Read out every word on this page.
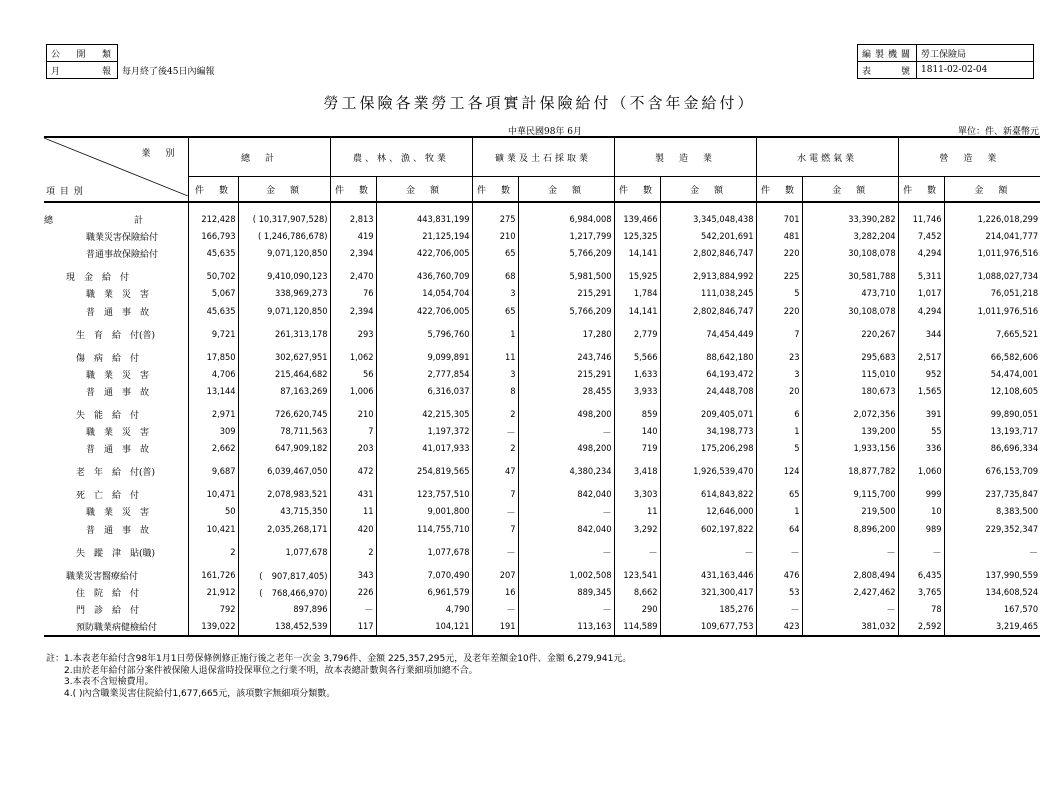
公開類	

月報	每月終了後45日內編報
編製機關	勞工保險局

表號	1811-02-02-04
勞工保險各業勞工各項實計保險給付（不含年金給付）
中華民國98年 6月	單位：件、新臺幣元
業　別
項 目 別	總　計		農、林、漁、牧業		礦業及土石採取業		製　造　業		水電燃氣業		營　造　業	
	件　數	金　額	件　數	金　額	件　數	金　額	件　數	金　額	件　數	金　額	件　數	金　額

總　　　　　　　　　計	212,428	( 10,317,907,528)	2,813	443,831,199	275	6,984,008	139,466	3,345,048,438	701	33,390,282	11,746	1,226,018,299
職業災害保險給付	166,793	( 1,246,786,678)	419	21,125,194	210	1,217,799	125,325	542,201,691	481	3,282,204	7,452	214,041,777
普通事故保險給付	45,635	9,071,120,850	2,394	422,706,005	65	5,766,209	14,141	2,802,846,747	220	30,108,078	4,294	1,011,976,516

現　金　給　付	50,702	9,410,090,123	2,470	436,760,709	68	5,981,500	15,925	2,913,884,992	225	30,581,788	5,311	1,088,027,734
職　業　災　害	5,067	338,969,273	76	14,054,704	3	215,291	1,784	111,038,245	5	473,710	1,017	76,051,218
普　通　事　故	45,635	9,071,120,850	2,394	422,706,005	65	5,766,209	14,141	2,802,846,747	220	30,108,078	4,294	1,011,976,516

生　育　給　付(普)	9,721	261,313,178	293	5,796,760	1	17,280	2,779	74,454,449	7	220,267	344	7,665,521

傷　病　給　付	17,850	302,627,951	1,062	9,099,891	11	243,746	5,566	88,642,180	23	295,683	2,517	66,582,606
職　業　災　害	4,706	215,464,682	56	2,777,854	3	215,291	1,633	64,193,472	3	115,010	952	54,474,001
普　通　事　故	13,144	87,163,269	1,006	6,316,037	8	28,455	3,933	24,448,708	20	180,673	1,565	12,108,605

失　能　給　付	2,971	726,620,745	210	42,215,305	2	498,200	859	209,405,071	6	2,072,356	391	99,890,051
職　業　災　害	309	78,711,563	7	1,197,372	－	－	140	34,198,773	1	139,200	55	13,193,717
普　通　事　故	2,662	647,909,182	203	41,017,933	2	498,200	719	175,206,298	5	1,933,156	336	86,696,334

老　年　給　付(普)	9,687	6,039,467,050	472	254,819,565	47	4,380,234	3,418	1,926,539,470	124	18,877,782	1,060	676,153,709

死　亡　給　付	10,471	2,078,983,521	431	123,757,510	7	842,040	3,303	614,843,822	65	9,115,700	999	237,735,847
職　業　災　害	50	43,715,350	11	9,001,800	－	－	11	12,646,000	1	219,500	10	8,383,500
普　通　事　故	10,421	2,035,268,171	420	114,755,710	7	842,040	3,292	602,197,822	64	8,896,200	989	229,352,347

失　蹤　津　貼(職)	2	1,077,678	2	1,077,678	－	－	－	－	－	－	－	－

職業災害醫療給付	161,726	(　907,817,405)	343	7,070,490	207	1,002,508	123,541	431,163,446	476	2,808,494	6,435	137,990,559
住　院　給　付	21,912	(　768,466,970)	226	6,961,579	16	889,345	8,662	321,300,417	53	2,427,462	3,765	134,608,524
門　診　給　付	792	897,896	－	4,790	－	－	290	185,276	－	－	78	167,570
預防職業病健檢給付	139,022	138,452,539	117	104,121	191	113,163	114,589	109,677,753	423	381,032	2,592	3,219,465
註：1.本表老年給付含98年1月1日勞保條例修正施行後之老年一次金 3,796件、金額 225,357,295元，及老年差額金10件、金額 6,279,941元。
　　2.由於老年給付部分案件被保險人退保當時投保單位之行業不明，故本表總計數與各行業細項加總不合。
　　3.本表不含短檢費用。
　　4.( )內含職業災害住院給付1,677,665元，該項數字無細項分類數。
